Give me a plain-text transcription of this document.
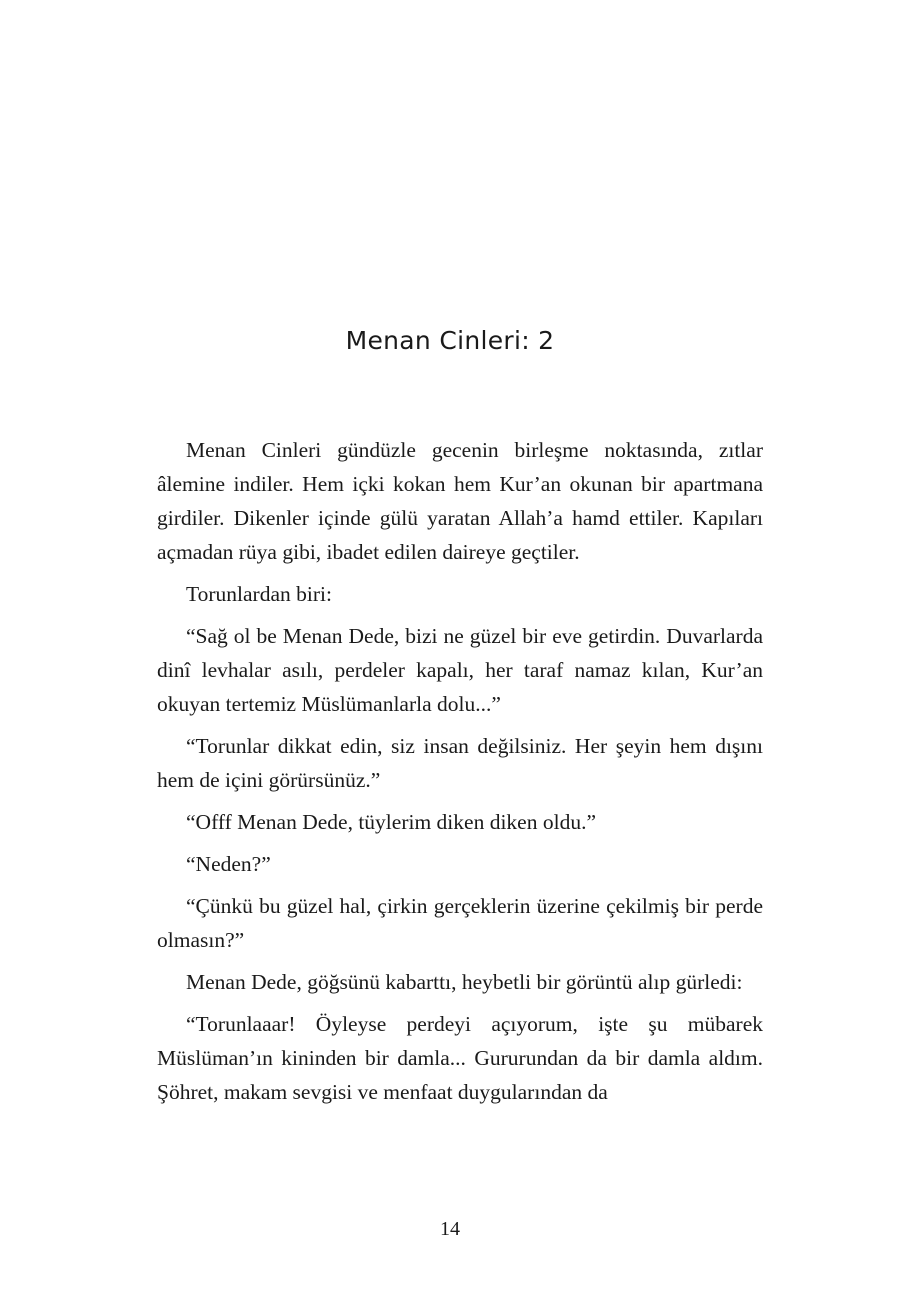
Menan Cinleri: 2

Menan Cinleri gündüzle gecenin birleşme noktasında, zıtlar âlemine indiler. Hem içki kokan hem Kur’an okunan bir apartmana girdiler. Dikenler içinde gülü yaratan Allah’a hamd ettiler. Kapıları açmadan rüya gibi, ibadet edilen daireye geçtiler.

Torunlardan biri:

“Sağ ol be Menan Dede, bizi ne güzel bir eve getirdin. Duvarlarda dinî levhalar asılı, perdeler kapalı, her taraf namaz kılan, Kur’an okuyan tertemiz Müslümanlarla dolu...”

“Torunlar dikkat edin, siz insan değilsiniz. Her şeyin hem dışını hem de içini görürsünüz.”

“Offf Menan Dede, tüylerim diken diken oldu.”

“Neden?”

“Çünkü bu güzel hal, çirkin gerçeklerin üzerine çekilmiş bir perde olmasın?”

Menan Dede, göğsünü kabarttı, heybetli bir görüntü alıp gürledi:

“Torunlaaar! Öyleyse perdeyi açıyorum, işte şu mübarek Müslüman’ın kininden bir damla... Gururundan da bir damla aldım. Şöhret, makam sevgisi ve menfaat duygularından da

14
